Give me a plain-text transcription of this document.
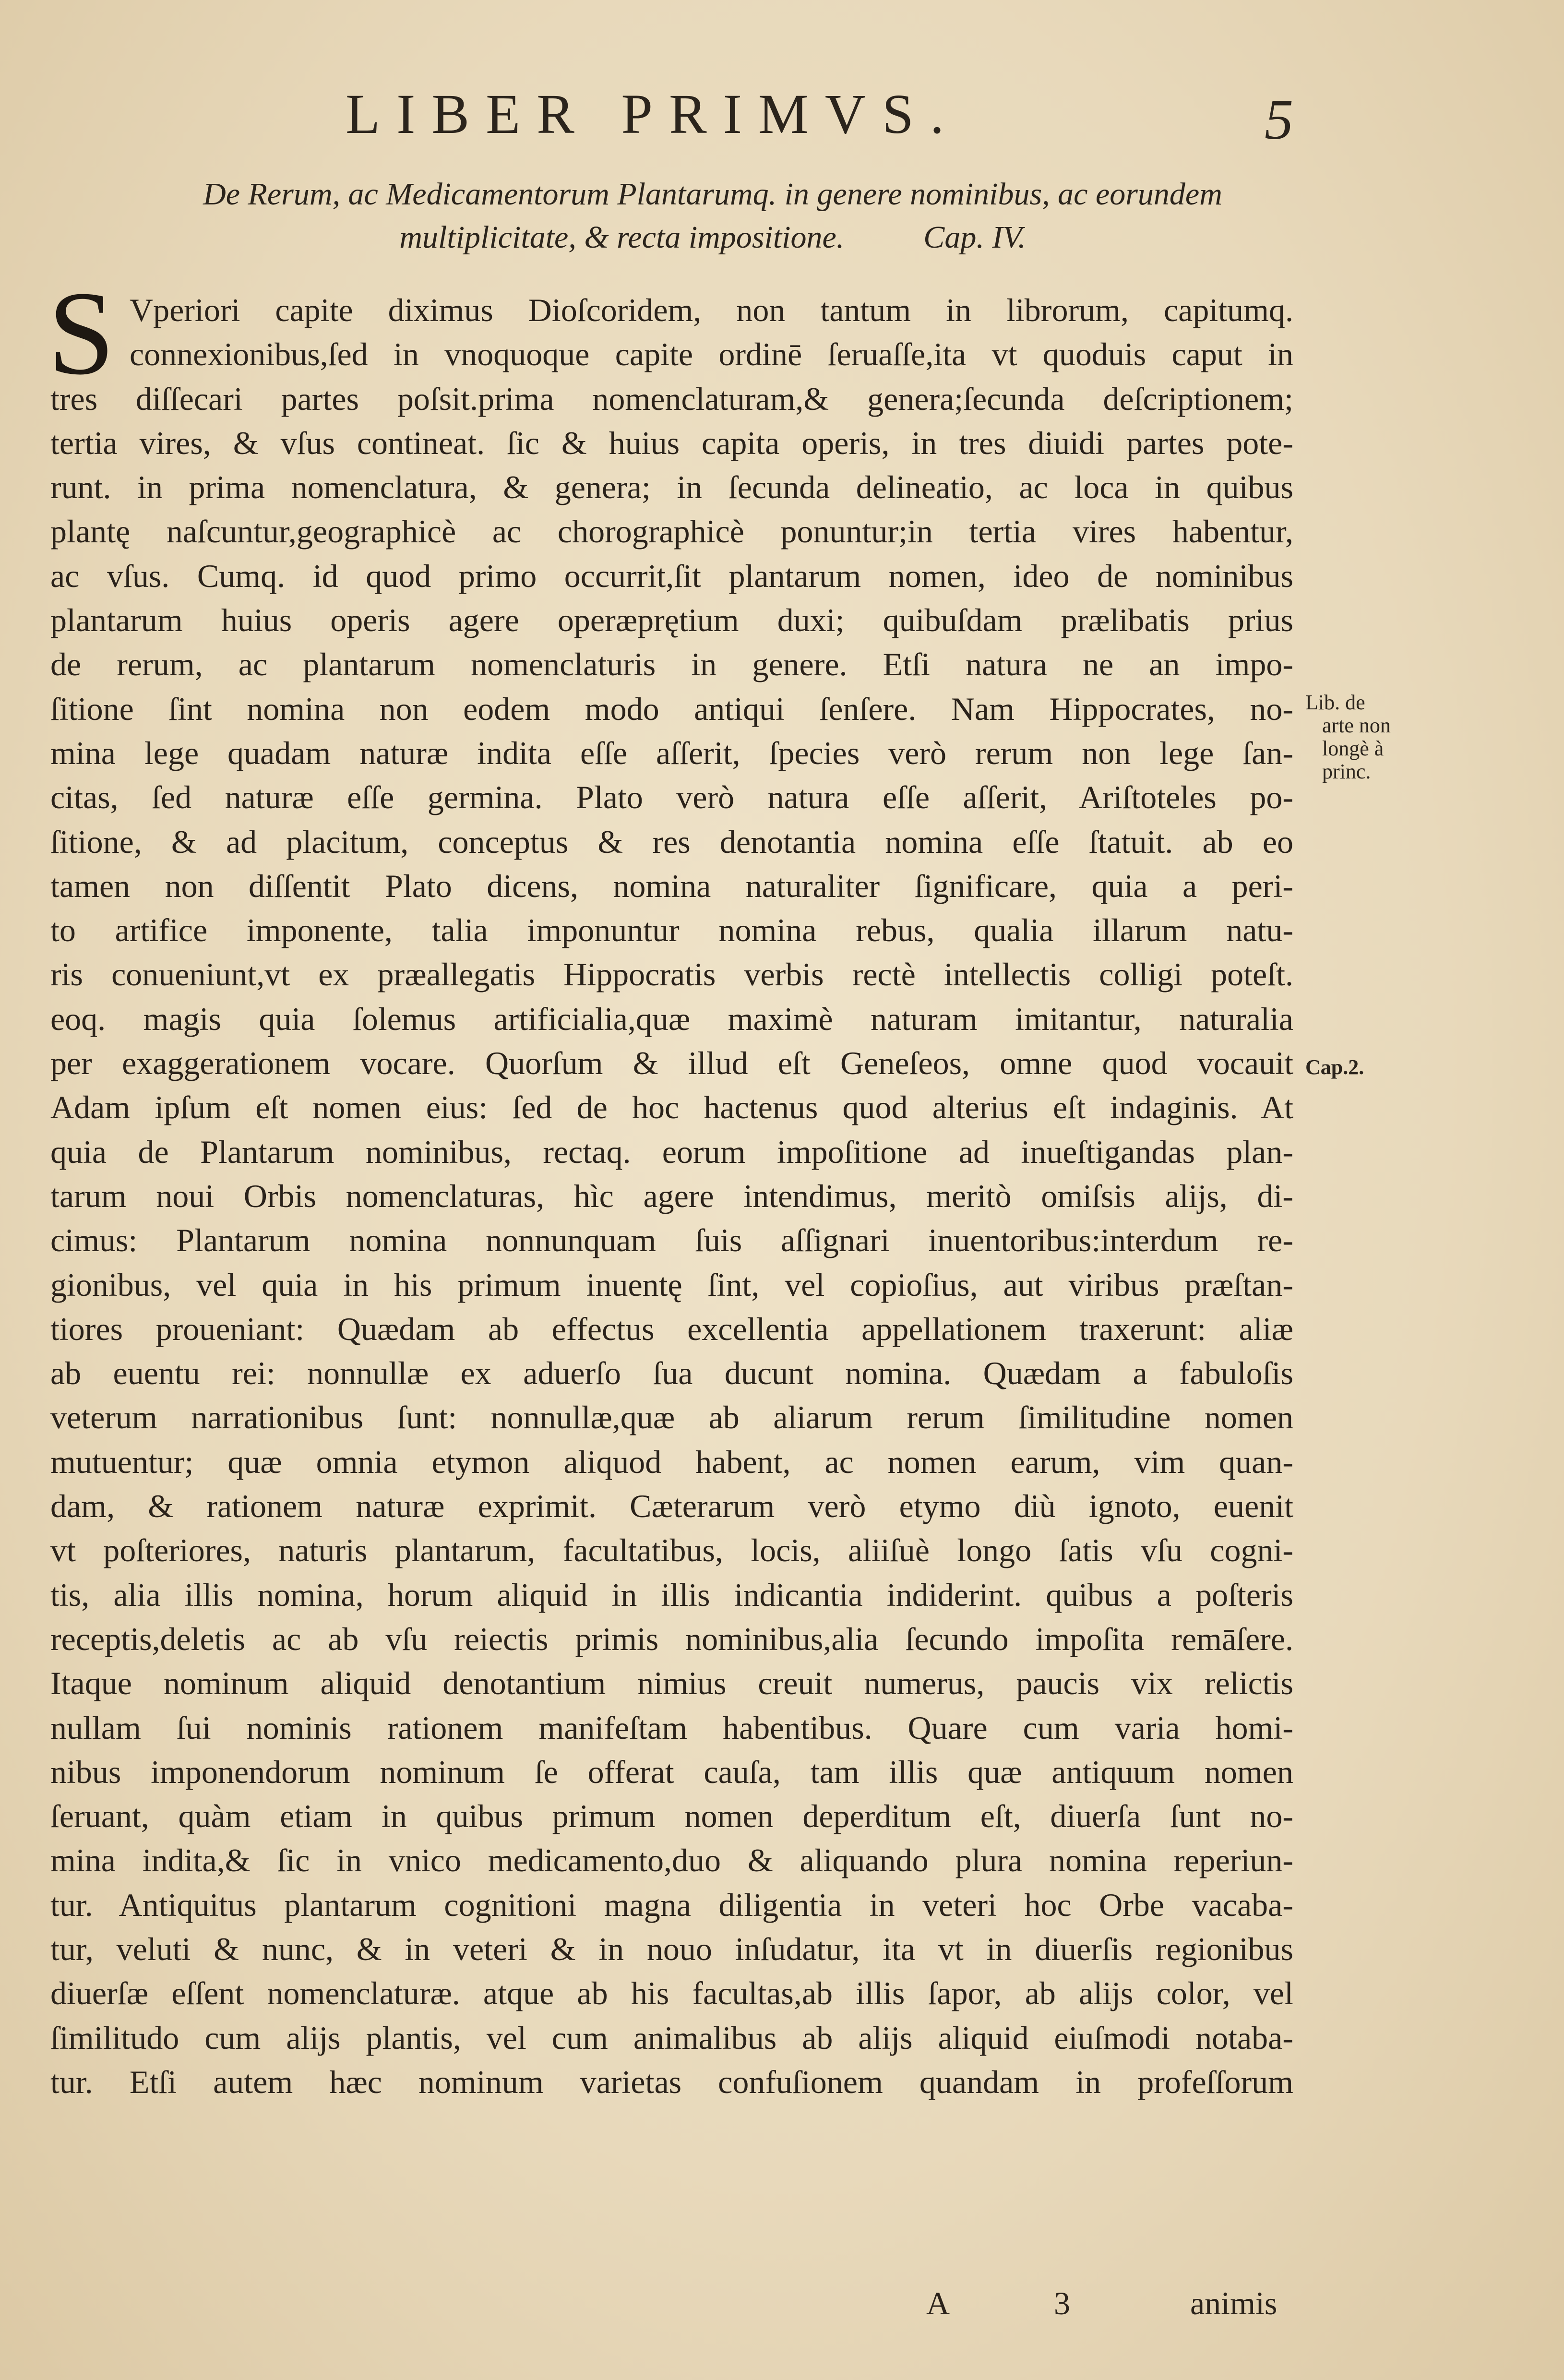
LIBER PRIMVS.	5
De Rerum, ac Medicamentorum Plantarumq. in genere nominibus, ac eorundem
multiplicitate, & recta impositione.          Cap. IV.
S Vperiori capite diximus Dioſcoridem, non tantum in librorum, capitumq.
connexionibus,ſed in vnoquoque capite ordinē ſeruaſſe,ita vt quoduis caput in
tres diſſecari partes poſsit.prima nomenclaturam,& genera;ſecunda deſcriptionem;
tertia vires, & vſus contineat. ſic & huius capita operis, in tres diuidi partes pote-
runt. in prima nomenclatura, & genera; in ſecunda delineatio, ac loca in quibus
plantę naſcuntur,geographicè ac chorographicè ponuntur;in tertia vires habentur,
ac vſus. Cumq. id quod primo occurrit,ſit plantarum nomen, ideo de nominibus
plantarum huius operis agere operæprętium duxi; quibuſdam prælibatis prius
de rerum, ac plantarum nomenclaturis in genere. Etſi natura ne an impo-
ſitione ſint nomina non eodem modo antiqui ſenſere. Nam Hippocrates, no-
mina lege quadam naturæ indita eſſe aſſerit, ſpecies verò rerum non lege ſan-
citas, ſed naturæ eſſe germina. Plato verò natura eſſe aſſerit, Ariſtoteles po-
ſitione, & ad placitum, conceptus & res denotantia nomina eſſe ſtatuit. ab eo
tamen non diſſentit Plato dicens, nomina naturaliter ſignificare, quia a peri-
to artifice imponente, talia imponuntur nomina rebus, qualia illarum natu-
ris conueniunt,vt ex præallegatis Hippocratis verbis rectè intellectis colligi poteſt.
eoq. magis quia ſolemus artificialia,quæ maximè naturam imitantur, naturalia
per exaggerationem vocare. Quorſum & illud eſt Geneſeos, omne quod vocauit
Adam ipſum eſt nomen eius: ſed de hoc hactenus quod alterius eſt indaginis. At
quia de Plantarum nominibus, rectaq. eorum impoſitione ad inueſtigandas plan-
tarum noui Orbis nomenclaturas, hìc agere intendimus, meritò omiſsis alijs, di-
cimus: Plantarum nomina nonnunquam ſuis aſſignari inuentoribus:interdum re-
gionibus, vel quia in his primum inuentę ſint, vel copioſius, aut viribus præſtan-
tiores proueniant: Quædam ab effectus excellentia appellationem traxerunt: aliæ
ab euentu rei: nonnullæ ex aduerſo ſua ducunt nomina. Quædam a fabuloſis
veterum narrationibus ſunt: nonnullæ,quæ ab aliarum rerum ſimilitudine nomen
mutuentur; quæ omnia etymon aliquod habent, ac nomen earum, vim quan-
dam, & rationem naturæ exprimit. Cæterarum verò etymo diù ignoto, euenit
vt poſteriores, naturis plantarum, facultatibus, locis, aliiſuè longo ſatis vſu cogni-
tis, alia illis nomina, horum aliquid in illis indicantia indiderint. quibus a poſteris
receptis,deletis ac ab vſu reiectis primis nominibus,alia ſecundo impoſita remāſere.
Itaque nominum aliquid denotantium nimius creuit numerus, paucis vix relictis
nullam ſui nominis rationem manifeſtam habentibus. Quare cum varia homi-
nibus imponendorum nominum ſe offerat cauſa, tam illis quæ antiquum nomen
ſeruant, quàm etiam in quibus primum nomen deperditum eſt, diuerſa ſunt no-
mina indita,& ſic in vnico medicamento,duo & aliquando plura nomina reperiun-
tur. Antiquitus plantarum cognitioni magna diligentia in veteri hoc Orbe vacaba-
tur, veluti & nunc, & in veteri & in nouo inſudatur, ita vt in diuerſis regionibus
diuerſæ eſſent nomenclaturæ. atque ab his facultas,ab illis ſapor, ab alijs color, vel
ſimilitudo cum alijs plantis, vel cum animalibus ab alijs aliquid eiuſmodi notaba-
tur. Etſi autem hæc nominum varietas confuſionem quandam in profeſſorum
Lib. de
arte non
longè à
princ.
Cap.2.
A	3	animis
